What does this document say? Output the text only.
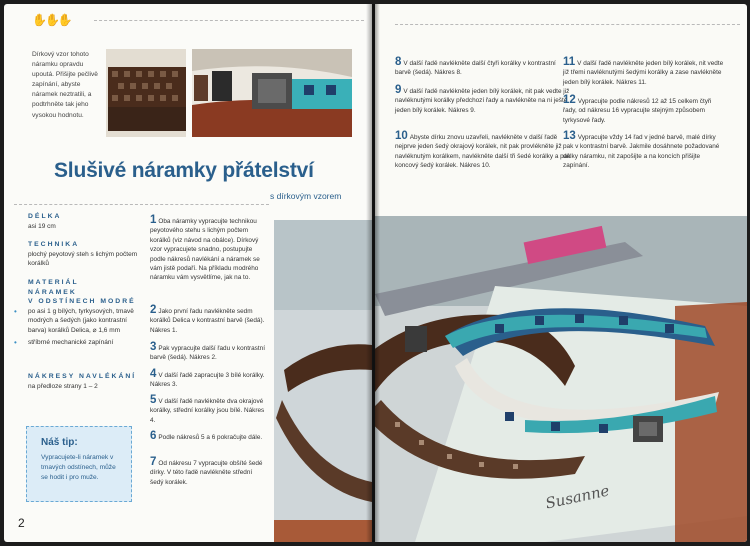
✋✋✋
Dírkový vzor tohoto náramku opravdu upoutá. Přišijte pečlivě zapínání, abyste náramek neztratili, a podtrhněte tak jeho vysokou hodnotu.
Slušivé náramky přátelství
s dírkovým vzorem
DÉLKA
asi 19 cm
TECHNIKA
plochý peyotový steh s lichým počtem korálků
MATERIÁL
NÁRAMEK
V ODSTÍNECH MODRÉ
• po asi 1 g bílých, tyrkysových, tmavě modrých a šedých (jako kontrastní barva) korálků Delica, ⌀ 1,6 mm
• stříbrné mechanické zapínání
NÁKRESY NAVLÉKÁNÍ
na předloze strany 1 – 2
Náš tip:
Vypracujete-li náramek v tmavých odstínech, může se hodit i pro muže.
2
1 Oba náramky vypracujte technikou peyotového stehu s lichým počtem korálků (viz návod na obálce). Dírkový vzor vypracujete snadno, postupujte podle nákresů navlékání a náramek se vám jistě podaří. Na příkladu modrého náramku vám vysvětlíme, jak na to.
2 Jako první řadu navlékněte sedm korálků Delica v kontrastní barvě (šedá). Nákres 1.
3 Pak vypracujte další řadu v kontrastní barvě (šedá). Nákres 2.
4 V další řadě zapracujte 3 bílé korálky. Nákres 3.
5 V další řadě navlékněte dva okrajové korálky, střední korálky jsou bílé. Nákres 4.
6 Podle nákresů 5 a 6 pokračujte dále.
7 Od nákresu 7 vypracujte obšíté šedé dírky. V této řadě navlékněte střední šedý korálek.
8 V další řadě navlékněte další čtyři korálky v kontrastní barvě (šedá). Nákres 8.
9 V další řadě navlékněte jeden bílý korálek, nit pak vedte již navléknutými korálky předchozí řady a navlékněte na ni ještě jeden bílý korálek. Nákres 9.
10 Abyste dírku znovu uzavřeli, navlékněte v další řadě nejprve jeden šedý okrajový korálek, nit pak provlékněte již navléknutým korálkem, navlékněte další tři šedé korálky a pak koncový šedý korálek. Nákres 10.
11 V další řadě navlékněte jeden bílý korálek, nit vedte již třemi navléknutými šedými korálky a zase navlékněte jeden bílý korálek. Nákres 11.
12 Vypracujte podle nákresů 12 až 15 celkem čtyři řady, od nákresu 16 vypracujte stejným způsobem tyrkysové řady.
13 Vypracujte vždy 14 řad v jedné barvě, malé dírky pak v kontrastní barvě. Jakmile dosáhnete požadované délky náramku, nit zapošijte a na koncích přišijte zapínání.
Susanne
